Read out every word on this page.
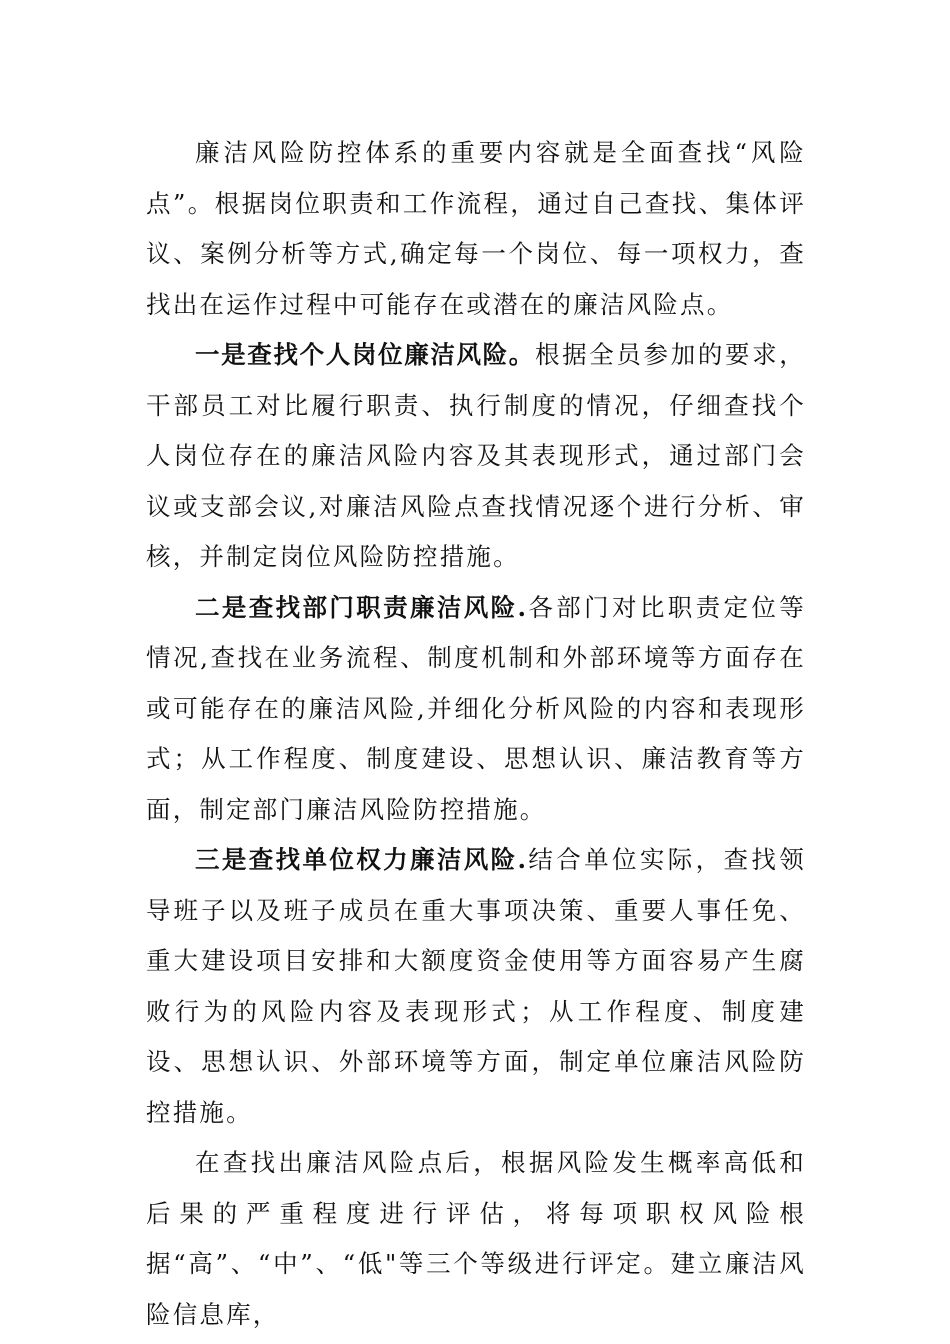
廉洁风险防控体系的重要内容就是全面查找“风险点”。根据岗位职责和工作流程，通过自己查找、集体评议、案例分析等方式,确定每一个岗位、每一项权力，查找出在运作过程中可能存在或潜在的廉洁风险点。

一是查找个人岗位廉洁风险。根据全员参加的要求，干部员工对比履行职责、执行制度的情况，仔细查找个人岗位存在的廉洁风险内容及其表现形式，通过部门会议或支部会议,对廉洁风险点查找情况逐个进行分析、审核，并制定岗位风险防控措施。

二是查找部门职责廉洁风险.各部门对比职责定位等情况,查找在业务流程、制度机制和外部环境等方面存在或可能存在的廉洁风险,并细化分析风险的内容和表现形式；从工作程度、制度建设、思想认识、廉洁教育等方面，制定部门廉洁风险防控措施。

三是查找单位权力廉洁风险.结合单位实际，查找领导班子以及班子成员在重大事项决策、重要人事任免、重大建设项目安排和大额度资金使用等方面容易产生腐败行为的风险内容及表现形式；从工作程度、制度建设、思想认识、外部环境等方面，制定单位廉洁风险防控措施。

在查找出廉洁风险点后，根据风险发生概率高低和后果的严重程度进行评估，将每项职权风险根据“高”、“中”、“低"等三个等级进行评定。建立廉洁风险信息库，
